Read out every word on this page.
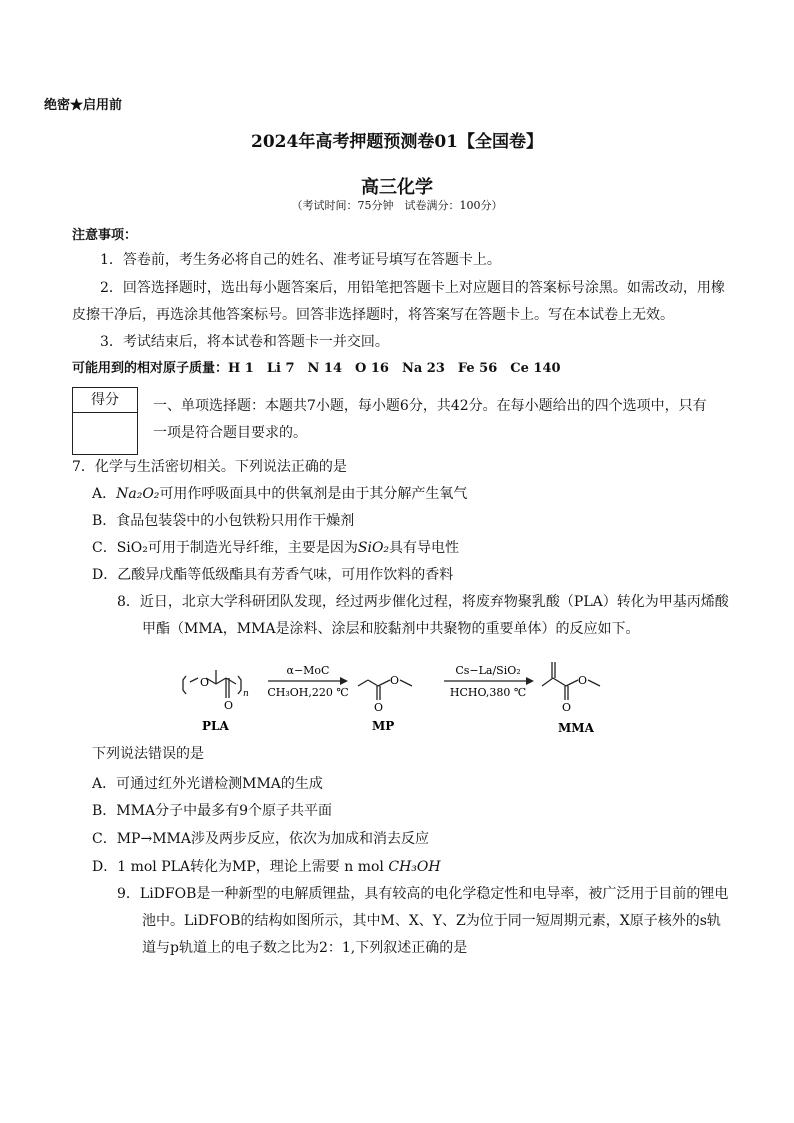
绝密★启用前
2024年高考押题预测卷01【全国卷】
高三化学
（考试时间：75分钟　试卷满分：100分）
注意事项：
1．答卷前，考生务必将自己的姓名、准考证号填写在答题卡上。
2．回答选择题时，选出每小题答案后，用铅笔把答题卡上对应题目的答案标号涂黑。如需改动，用橡
皮擦干净后，再选涂其他答案标号。回答非选择题时，将答案写在答题卡上。写在本试卷上无效。
3．考试结束后，将本试卷和答题卡一并交回。
可能用到的相对原子质量：H 1　Li 7　N 14　O 16　Na 23　Fe 56　Ce 140
得分	一、单项选择题：本题共7小题，每小题6分，共42分。在每小题给出的四个选项中，只有
一项是符合题目要求的。
7．化学与生活密切相关。下列说法正确的是
A．Na₂O₂可用作呼吸面具中的供氧剂是由于其分解产生氧气
B．食品包装袋中的小包铁粉只用作干燥剂
C．SiO₂可用于制造光导纤维，主要是因为SiO₂具有导电性
D．乙酸异戊酯等低级酯具有芳香气味，可用作饮料的香料
8．近日，北京大学科研团队发现，经过两步催化过程，将废弃物聚乳酸（PLA）转化为甲基丙烯酸
甲酯（MMA，MMA是涂料、涂层和胶黏剂中共聚物的重要单体）的反应如下。
O
O
n
PLA
α−MoC
CH₃OH,220 ℃
O
O
MP
Cs−La/SiO₂
HCHO,380 ℃
O
O
MMA
下列说法错误的是
A．可通过红外光谱检测MMA的生成
B．MMA分子中最多有9个原子共平面
C．MP→MMA涉及两步反应，依次为加成和消去反应
D．1 mol PLA转化为MP，理论上需要 n mol CH₃OH
9．LiDFOB是一种新型的电解质锂盐，具有较高的电化学稳定性和电导率，被广泛用于目前的锂电
池中。LiDFOB的结构如图所示，其中M、X、Y、Z为位于同一短周期元素，X原子核外的s轨
道与p轨道上的电子数之比为2：1,下列叙述正确的是
